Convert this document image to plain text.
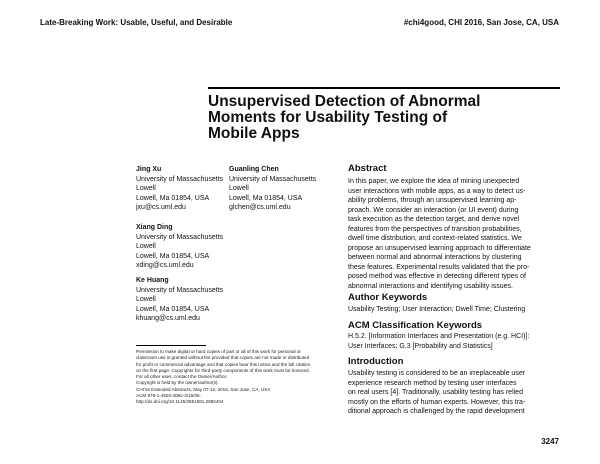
Late-Breaking Work: Usable, Useful, and Desirable	#chi4good, CHI 2016, San Jose, CA, USA
Unsupervised Detection of Abnormal
Moments for Usability Testing of
Mobile Apps
Jing Xu
University of Massachusetts
Lowell
Lowell, Ma 01854, USA
jxu@cs.uml.edu
Guanling Chen
University of Massachusetts
Lowell
Lowell, Ma 01854, USA
glchen@cs.uml.edu
Xiang Ding
University of Massachusetts
Lowell
Lowell, Ma 01854, USA
xding@cs.uml.edu
Ke Huang
University of Massachusetts
Lowell
Lowell, Ma 01854, USA
khuang@cs.uml.edu
Permission to make digital or hard copies of part or all of this work for personal or
classroom use is granted without fee provided that copies are not made or distributed
for profit or commercial advantage and that copies bear this notice and the full citation
on the first page. Copyrights for third-party components of this work must be honored.
For all other uses, contact the Owner/Author.
Copyright is held by the owner/author(s).
CHI'16 Extended Abstracts, May 07-12, 2016, San Jose, CA, USA
ACM 978-1-4503-4082-3/16/05.
http://dx.doi.org/10.1145/2851581.2892404
Abstract
In this paper, we explore the idea of mining unexpected
user interactions with mobile apps, as a way to detect us-
ability problems, through an unsupervised learning ap-
proach. We consider an interaction (or UI event) during
task execution as the detection target, and derive novel
features from the perspectives of transition probabilities,
dwell time distribution, and context-related statistics. We
propose an unsupervised learning approach to differentiate
between normal and abnormal interactions by clustering
these features. Experimental results validated that the pro-
posed method was effective in detecting different types of
abnormal interactions and identifying usability issues.
Author Keywords
Usability Testing; User Interaction; Dwell Time; Clustering
ACM Classification Keywords
H.5.2. [Information Interfaces and Presentation (e.g. HCI)]:
User Interfaces; G.3 [Probability and Statistics]
Introduction
Usability testing is considered to be an irreplaceable user
experience research method by testing user interfaces
on real users [4]. Traditionally, usability testing has relied
mostly on the efforts of human experts. However, this tra-
ditional approach is challenged by the rapid development
3247
